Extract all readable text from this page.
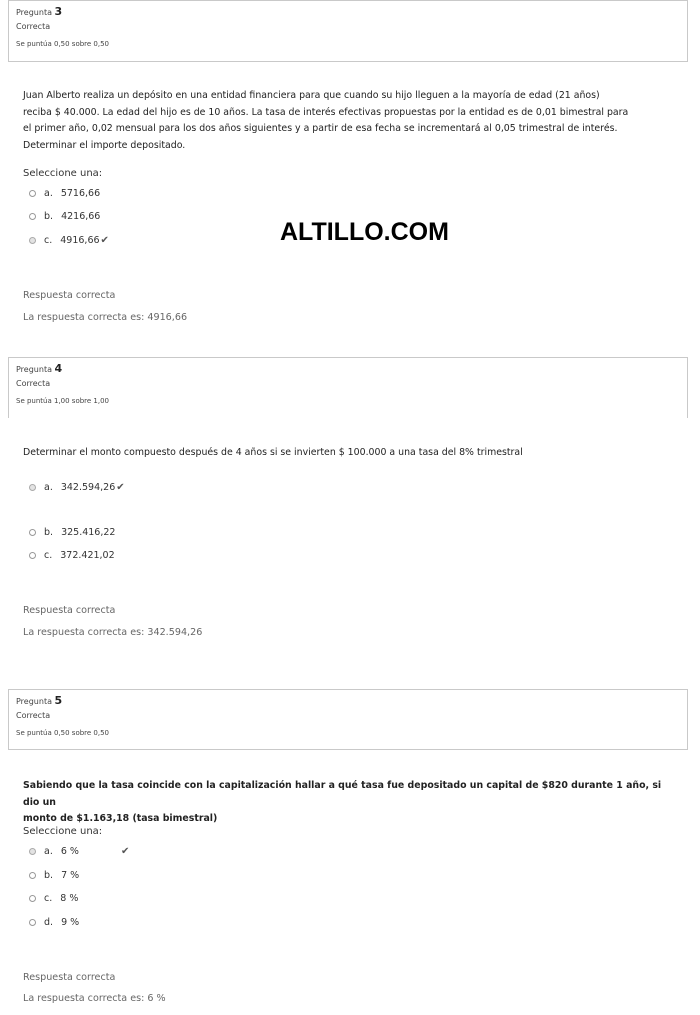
Pregunta 3
Correcta
Se puntúa 0,50 sobre 0,50
Juan Alberto realiza un depósito en una entidad financiera para que cuando su hijo lleguen a la mayoría de edad (21 años)
reciba $ 40.000. La edad del hijo es de 10 años. La tasa de interés efectivas propuestas por la entidad es de 0,01 bimestral para
el primer año, 0,02 mensual para los dos años siguientes y a partir de esa fecha se incrementará al 0,05 trimestral de interés.
Determinar el importe depositado.
Seleccione una:
a. 5716,66
b. 4216,66
c. 4916,66 ✔	ALTILLO.COM
Respuesta correcta
La respuesta correcta es: 4916,66
Pregunta 4
Correcta
Se puntúa 1,00 sobre 1,00
Determinar el monto compuesto después de 4 años si se invierten $ 100.000 a una tasa del 8% trimestral
a. 342.594,26 ✔
b. 325.416,22
c. 372.421,02
Respuesta correcta
La respuesta correcta es: 342.594,26
Pregunta 5
Correcta
Se puntúa 0,50 sobre 0,50
Sabiendo que la tasa coincide con la capitalización hallar a qué tasa fue depositado un capital de $820 durante 1 año, si dio un
monto de $1.163,18 (tasa bimestral)
Seleccione una:
a. 6 %	✔
b. 7 %
c. 8 %
d. 9 %
Respuesta correcta
La respuesta correcta es: 6 %
